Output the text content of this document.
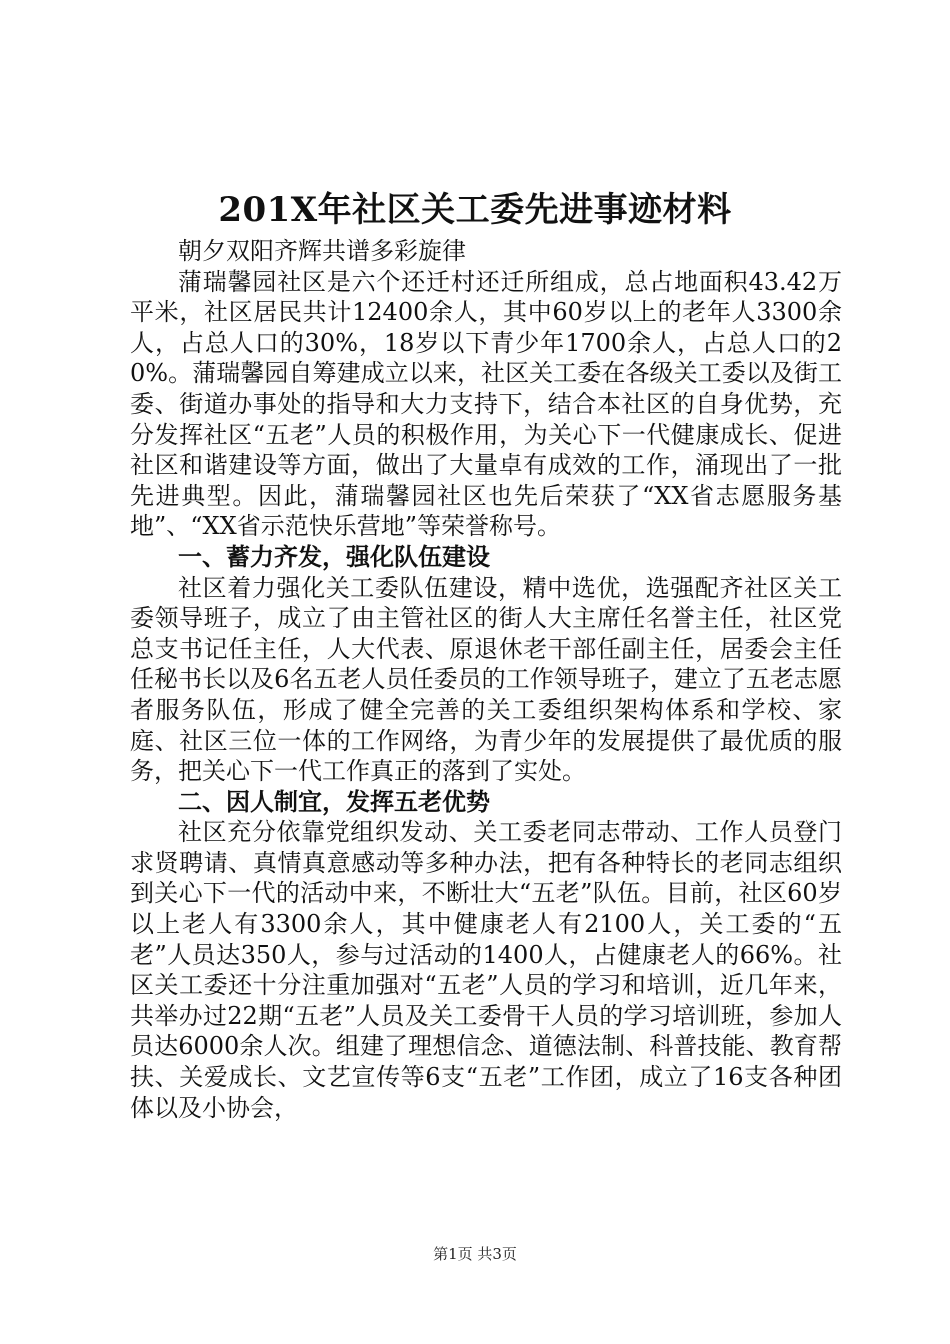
201X年社区关工委先进事迹材料

朝夕双阳齐辉共谱多彩旋律

蒲瑞馨园社区是六个还迁村还迁所组成，总占地面积43.42万平米，社区居民共计12400余人，其中60岁以上的老年人3300余人，占总人口的30%，18岁以下青少年1700余人，占总人口的20%。蒲瑞馨园自筹建成立以来，社区关工委在各级关工委以及街工委、街道办事处的指导和大力支持下，结合本社区的自身优势，充分发挥社区“五老”人员的积极作用，为关心下一代健康成长、促进社区和谐建设等方面，做出了大量卓有成效的工作，涌现出了一批先进典型。因此，蒲瑞馨园社区也先后荣获了“XX省志愿服务基地”、“XX省示范快乐营地”等荣誉称号。

一、蓄力齐发，强化队伍建设

社区着力强化关工委队伍建设，精中选优，选强配齐社区关工委领导班子，成立了由主管社区的街人大主席任名誉主任，社区党总支书记任主任，人大代表、原退休老干部任副主任，居委会主任任秘书长以及6名五老人员任委员的工作领导班子，建立了五老志愿者服务队伍，形成了健全完善的关工委组织架构体系和学校、家庭、社区三位一体的工作网络，为青少年的发展提供了最优质的服务，把关心下一代工作真正的落到了实处。

二、因人制宜，发挥五老优势

社区充分依靠党组织发动、关工委老同志带动、工作人员登门求贤聘请、真情真意感动等多种办法，把有各种特长的老同志组织到关心下一代的活动中来，不断壮大“五老”队伍。目前，社区60岁以上老人有3300余人，其中健康老人有2100人，关工委的“五老”人员达350人，参与过活动的1400人，占健康老人的66%。社区关工委还十分注重加强对“五老”人员的学习和培训，近几年来，共举办过22期“五老”人员及关工委骨干人员的学习培训班，参加人员达6000余人次。组建了理想信念、道德法制、科普技能、教育帮扶、关爱成长、文艺宣传等6支“五老”工作团，成立了16支各种团体以及小协会，

第1页 共3页
